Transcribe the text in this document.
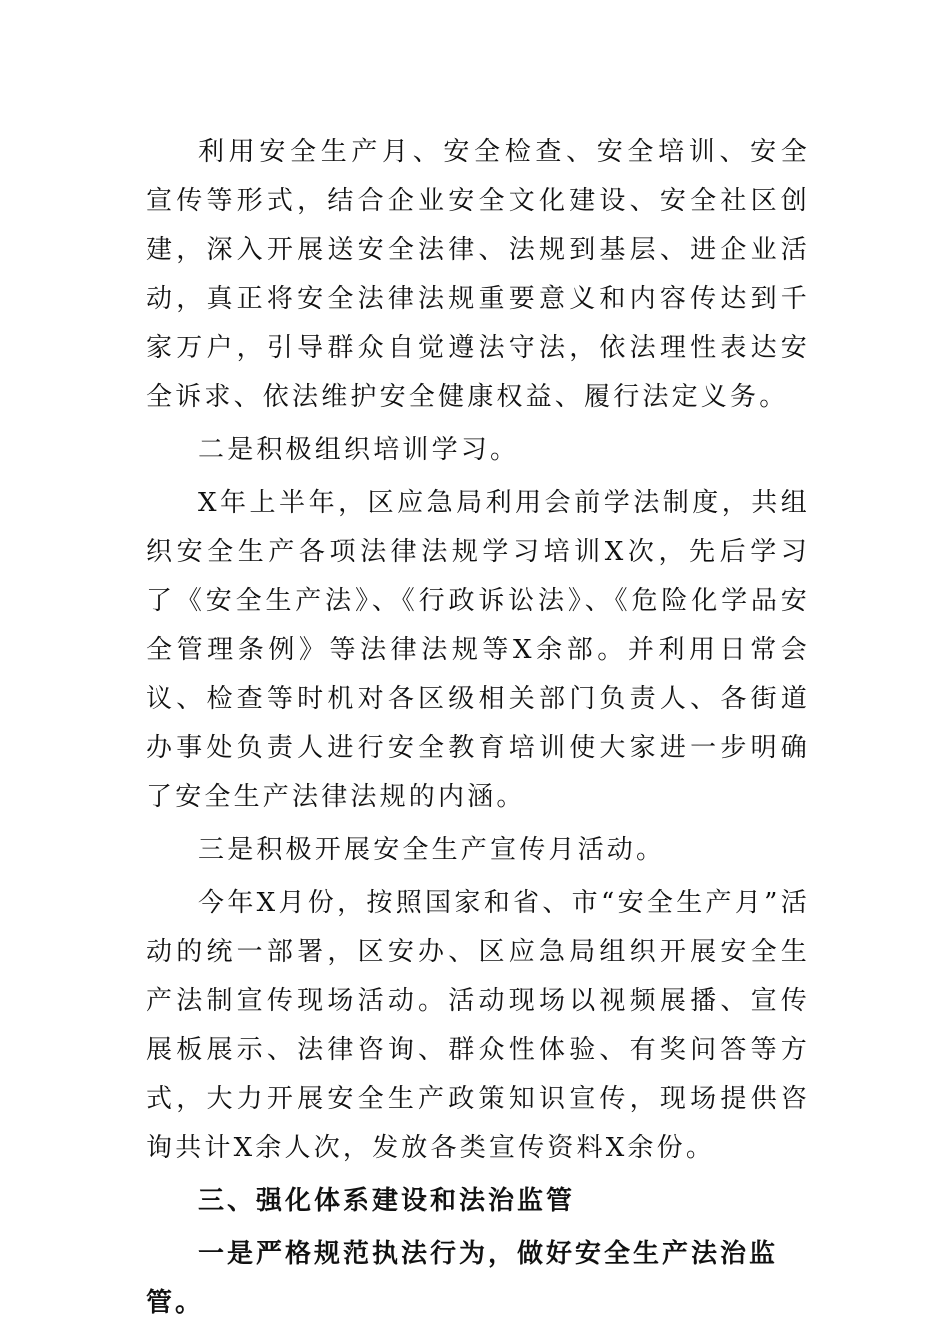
利用安全生产月、安全检查、安全培训、安全宣传等形式，结合企业安全文化建设、安全社区创建，深入开展送安全法律、法规到基层、进企业活动，真正将安全法律法规重要意义和内容传达到千家万户，引导群众自觉遵法守法，依法理性表达安全诉求、依法维护安全健康权益、履行法定义务。

二是积极组织培训学习。

X年上半年，区应急局利用会前学法制度，共组织安全生产各项法律法规学习培训X次，先后学习了《安全生产法》、《行政诉讼法》、《危险化学品安全管理条例》等法律法规等X余部。并利用日常会议、检查等时机对各区级相关部门负责人、各街道办事处负责人进行安全教育培训使大家进一步明确了安全生产法律法规的内涵。

三是积极开展安全生产宣传月活动。

今年X月份，按照国家和省、市“安全生产月”活动的统一部署，区安办、区应急局组织开展安全生产法制宣传现场活动。活动现场以视频展播、宣传展板展示、法律咨询、群众性体验、有奖问答等方式，大力开展安全生产政策知识宣传，现场提供咨询共计X余人次，发放各类宣传资料X余份。

三、强化体系建设和法治监管

一是严格规范执法行为，做好安全生产法治监管。
